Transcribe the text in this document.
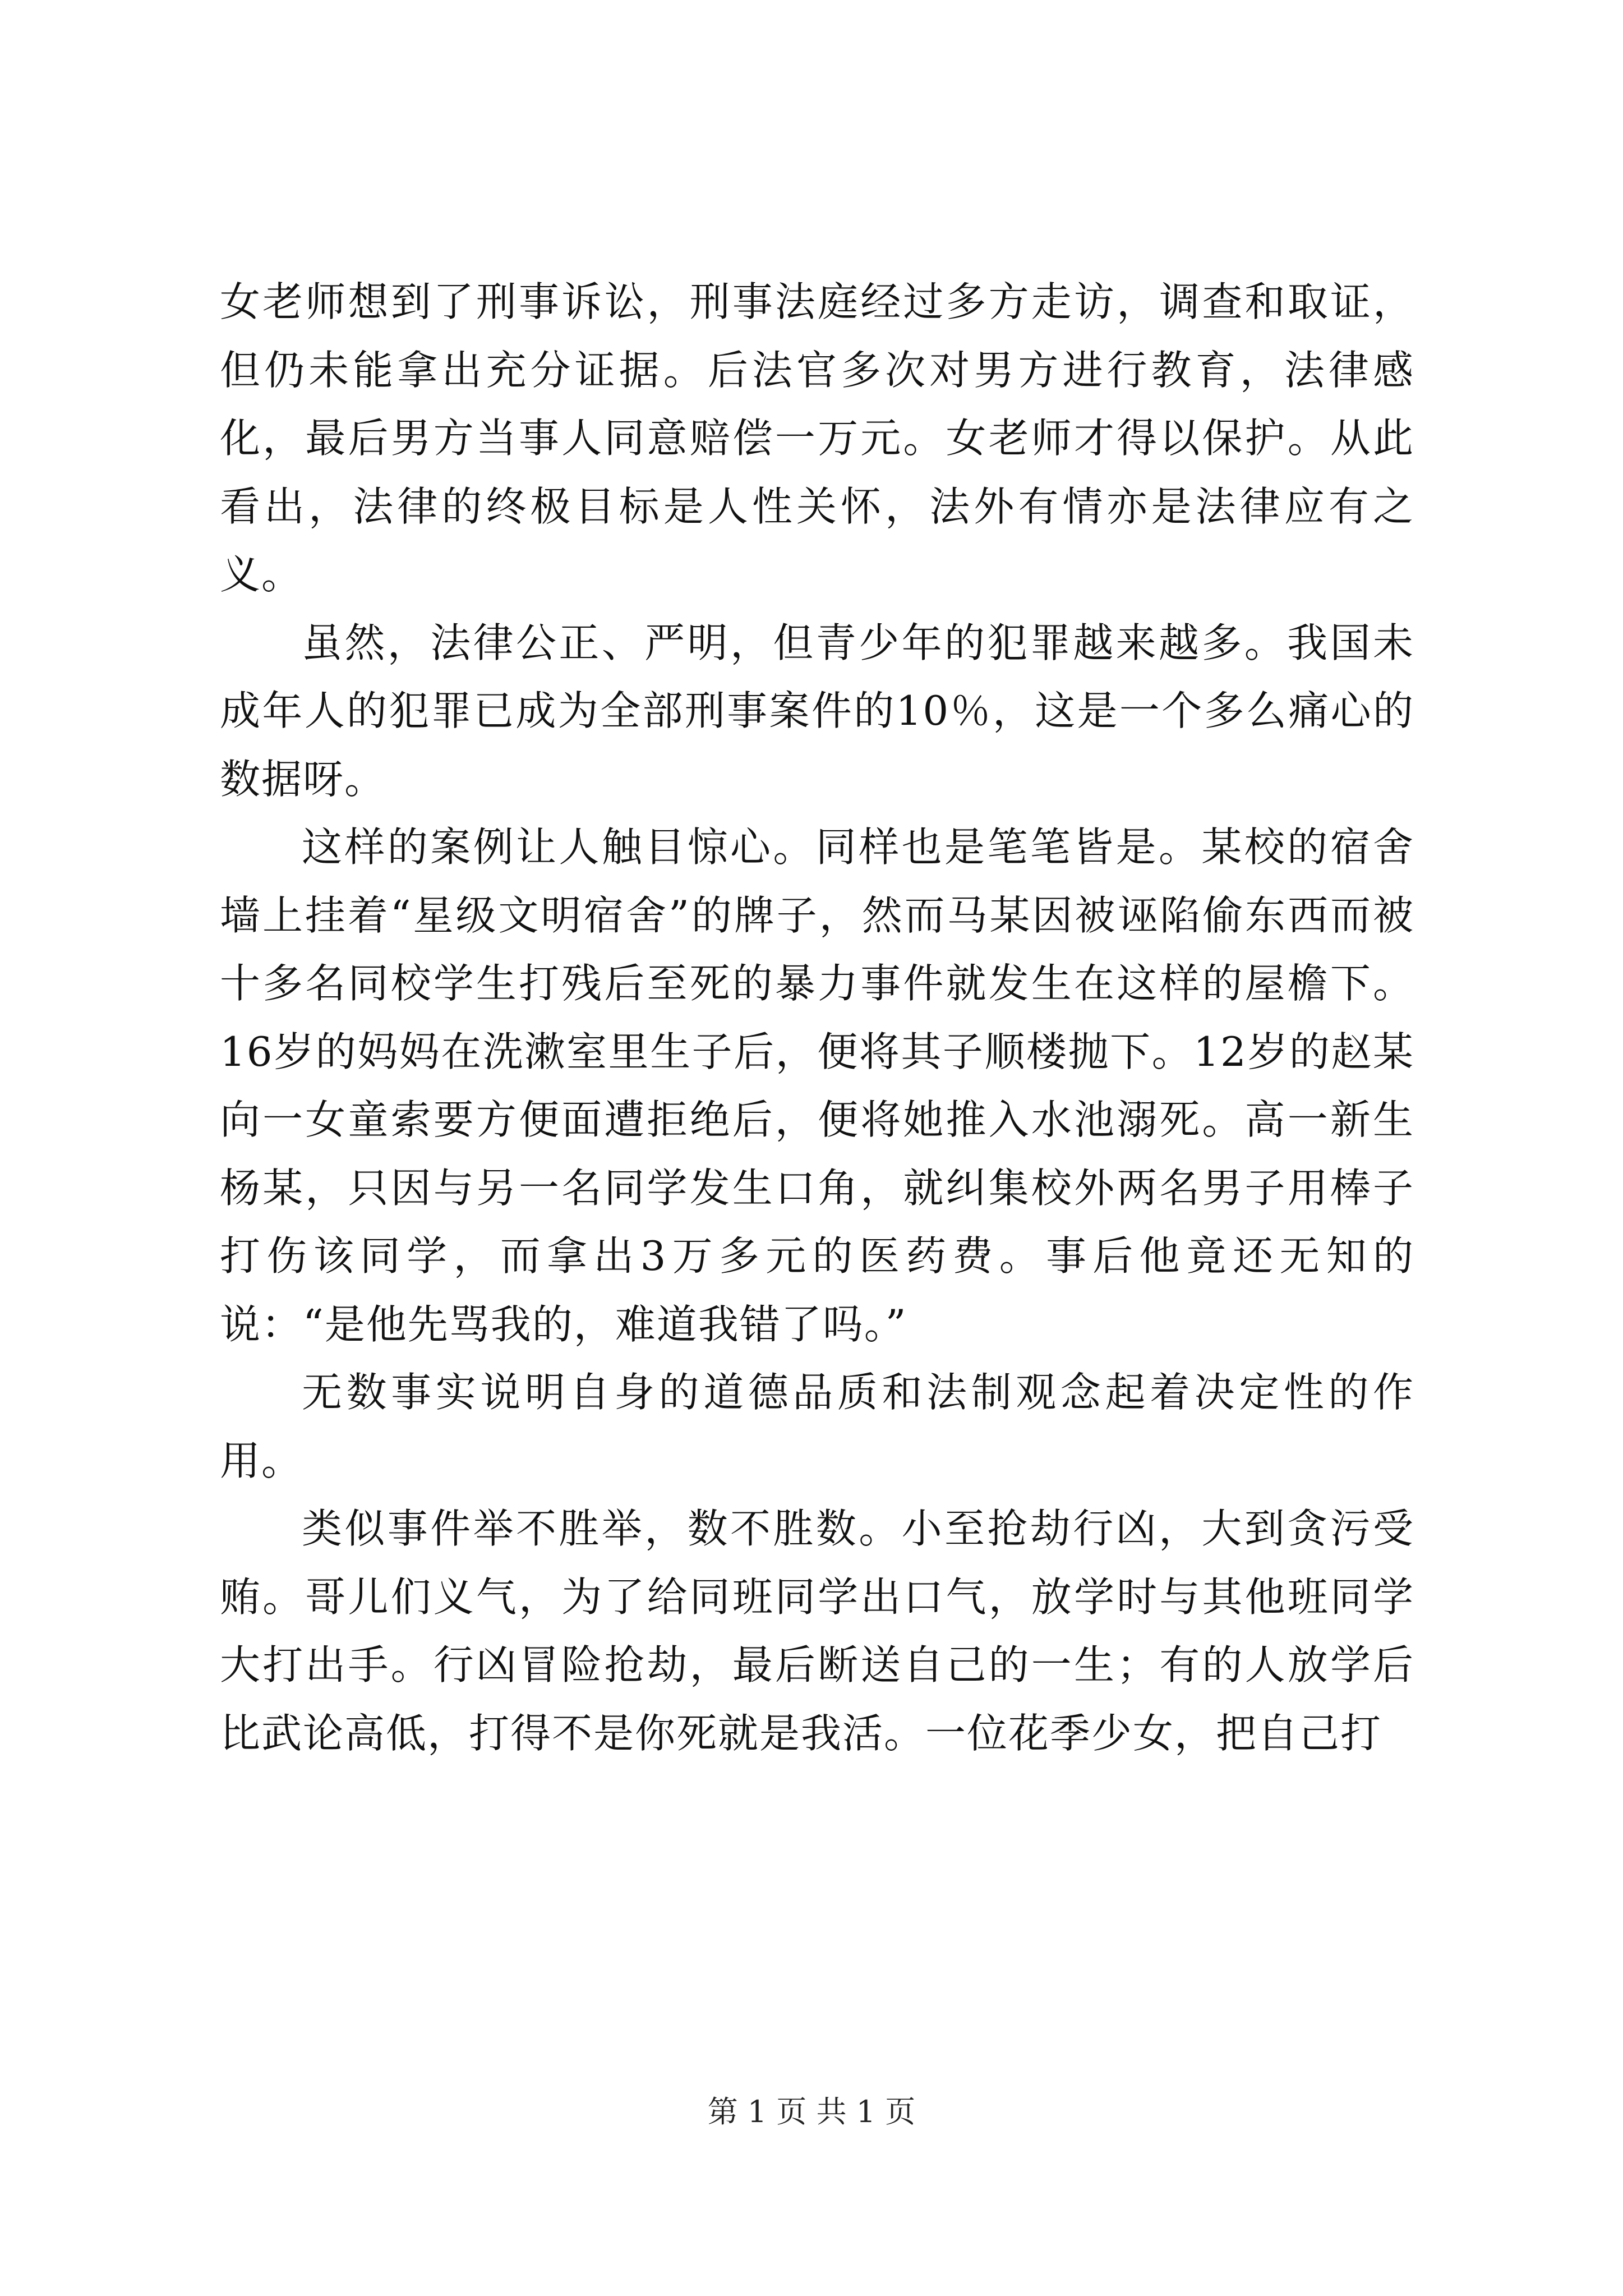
女老师想到了刑事诉讼，刑事法庭经过多方走访，调查和取证，但仍未能拿出充分证据。后法官多次对男方进行教育，法律感化，最后男方当事人同意赔偿一万元。女老师才得以保护。从此看出，法律的终极目标是人性关怀，法外有情亦是法律应有之义。

虽然，法律公正、严明，但青少年的犯罪越来越多。我国未成年人的犯罪已成为全部刑事案件的10％，这是一个多么痛心的数据呀。

这样的案例让人触目惊心。同样也是笔笔皆是。某校的宿舍墙上挂着“星级文明宿舍”的牌子，然而马某因被诬陷偷东西而被十多名同校学生打残后至死的暴力事件就发生在这样的屋檐下。16岁的妈妈在洗漱室里生子后，便将其子顺楼抛下。12岁的赵某向一女童索要方便面遭拒绝后，便将她推入水池溺死。高一新生杨某，只因与另一名同学发生口角，就纠集校外两名男子用棒子打伤该同学，而拿出3万多元的医药费。事后他竟还无知的说：“是他先骂我的，难道我错了吗。”

无数事实说明自身的道德品质和法制观念起着决定性的作用。

类似事件举不胜举，数不胜数。小至抢劫行凶，大到贪污受贿。哥儿们义气，为了给同班同学出口气，放学时与其他班同学大打出手。行凶冒险抢劫，最后断送自己的一生；有的人放学后比武论高低，打得不是你死就是我活。一位花季少女，把自己打

第 1 页 共 1 页
